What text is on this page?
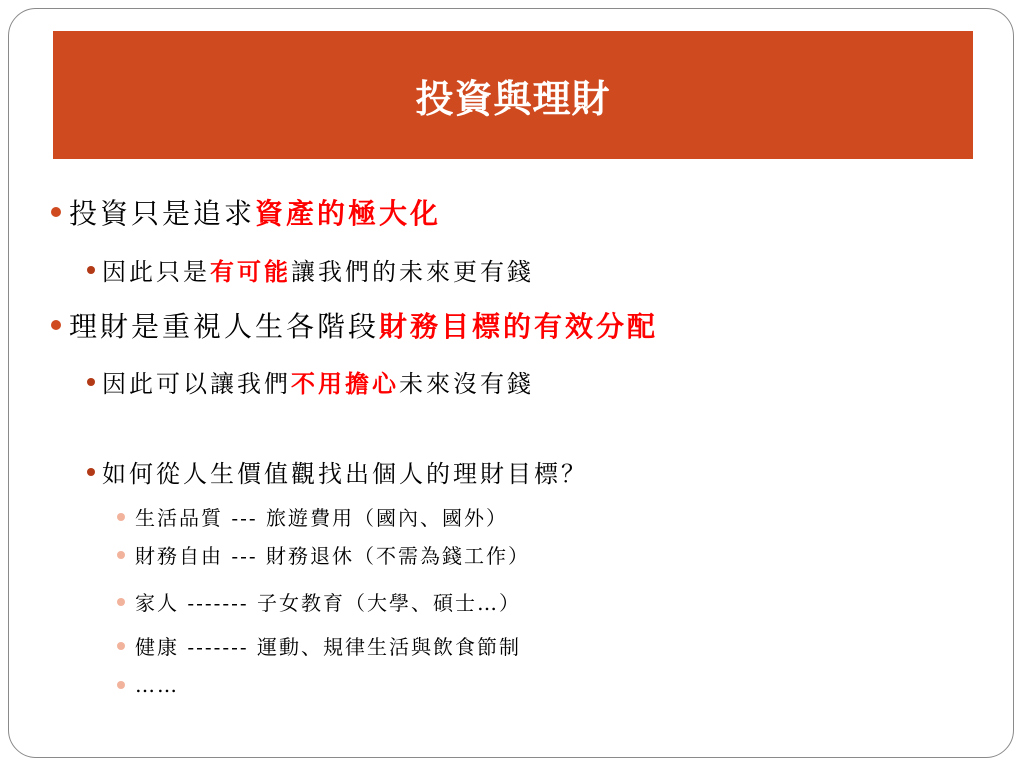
投資與理財
投資只是追求 資產的極大化
因此只是 有可能 讓我們的未來更有錢
理財是重視人生各階段 財務目標的有效分配
因此可以讓我們 不用擔心 未來沒有錢
如何從人生價值觀找出個人的理財目標？
生活品質 --- 旅遊費用（國內、國外）
財務自由 --- 財務退休（不需為錢工作）
家人 ------- 子女教育（大學、碩士…）
健康 ------- 運動、規律生活與飲食節制
……
